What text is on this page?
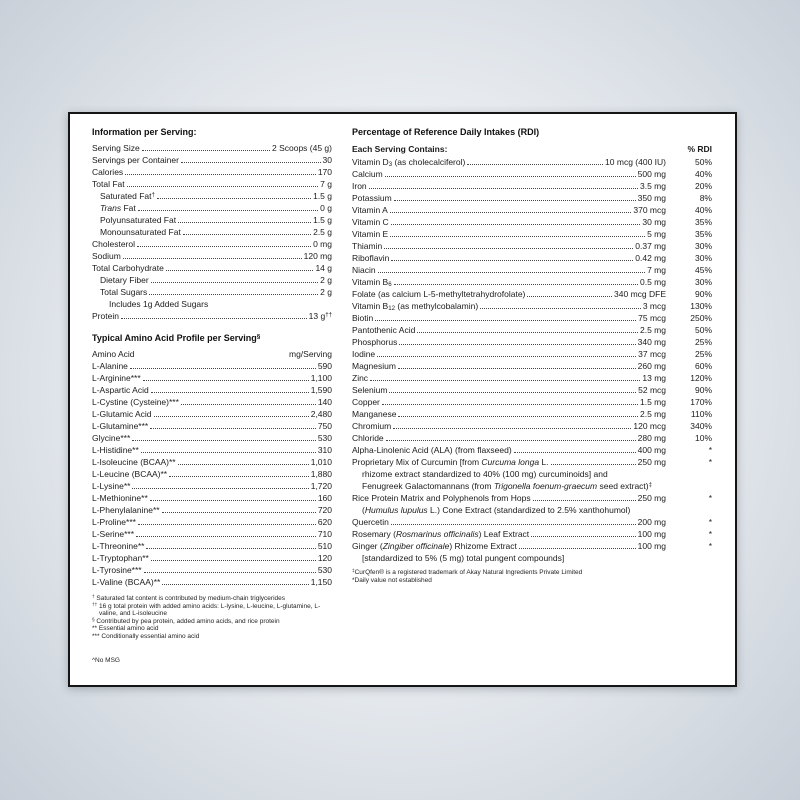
Information per Serving:
Serving Size	2 Scoops (45 g)
Servings per Container	30
Calories	170
Total Fat	7 g
Saturated Fat†	1.5 g
Trans Fat	0 g
Polyunsaturated Fat	1.5 g
Monounsaturated Fat	2.5 g
Cholesterol	0 mg
Sodium	120 mg
Total Carbohydrate	14 g
Dietary Fiber	2 g
Total Sugars	2 g
Includes 1g Added Sugars
Protein	13 g††
Typical Amino Acid Profile per Serving§
Amino Acid	mg/Serving
L-Alanine	590
L-Arginine***	1,100
L-Aspartic Acid	1,590
L-Cystine (Cysteine)***	140
L-Glutamic Acid	2,480
L-Glutamine***	750
Glycine***	530
L-Histidine**	310
L-Isoleucine (BCAA)**	1,010
L-Leucine (BCAA)**	1,880
L-Lysine**	1,720
L-Methionine**	160
L-Phenylalanine**	720
L-Proline***	620
L-Serine***	710
L-Threonine**	510
L-Tryptophan**	120
L-Tyrosine***	530
L-Valine (BCAA)**	1,150
† Saturated fat content is contributed by medium-chain triglycerides
†† 16 g total protein with added amino acids: L-lysine, L-leucine, L-glutamine, L-valine, and L-isoleucine
§ Contributed by pea protein, added amino acids, and rice protein
** Essential amino acid
*** Conditionally essential amino acid
^No MSG
Percentage of Reference Daily Intakes (RDI)
Each Serving Contains:	% RDI
Vitamin $D_3$ (as cholecalciferol)	10 mcg (400 IU)	50%
Calcium	500 mg	40%
Iron	3.5 mg	20%
Potassium	350 mg	8%
Vitamin A	370 mcg	40%
Vitamin C	30 mg	35%
Vitamin E	5 mg	35%
Thiamin	0.37 mg	30%
Riboflavin	0.42 mg	30%
Niacin	7 mg	45%
Vitamin $B_6$	0.5 mg	30%
Folate (as calcium L-5-methyltetrahydrofolate)	340 mcg DFE	90%
Vitamin $B_{12}$ (as methylcobalamin)	3 mcg	130%
Biotin	75 mcg	250%
Pantothenic Acid	2.5 mg	50%
Phosphorus	340 mg	25%
Iodine	37 mcg	25%
Magnesium	260 mg	60%
Zinc	13 mg	120%
Selenium	52 mcg	90%
Copper	1.5 mg	170%
Manganese	2.5 mg	110%
Chromium	120 mcg	340%
Chloride	280 mg	10%
Alpha-Linolenic Acid (ALA) (from flaxseed)	400 mg	*
Proprietary Mix of Curcumin [from Curcuma longa L.	250 mg	*
rhizome extract standardized to 40% (100 mg) curcuminoids] and
Fenugreek Galactomannans (from Trigonella foenum-graecum seed extract)‡
Rice Protein Matrix and Polyphenols from Hops	250 mg	*
(Humulus lupulus L.) Cone Extract (standardized to 2.5% xanthohumol)
Quercetin	200 mg	*
Rosemary (Rosmarinus officinalis) Leaf Extract	100 mg	*
Ginger (Zingiber officinale) Rhizome Extract	100 mg	*
[standardized to 5% (5 mg) total pungent compounds]
‡CurQfen® is a registered trademark of Akay Natural Ingredients Private Limited
*Daily value not established
